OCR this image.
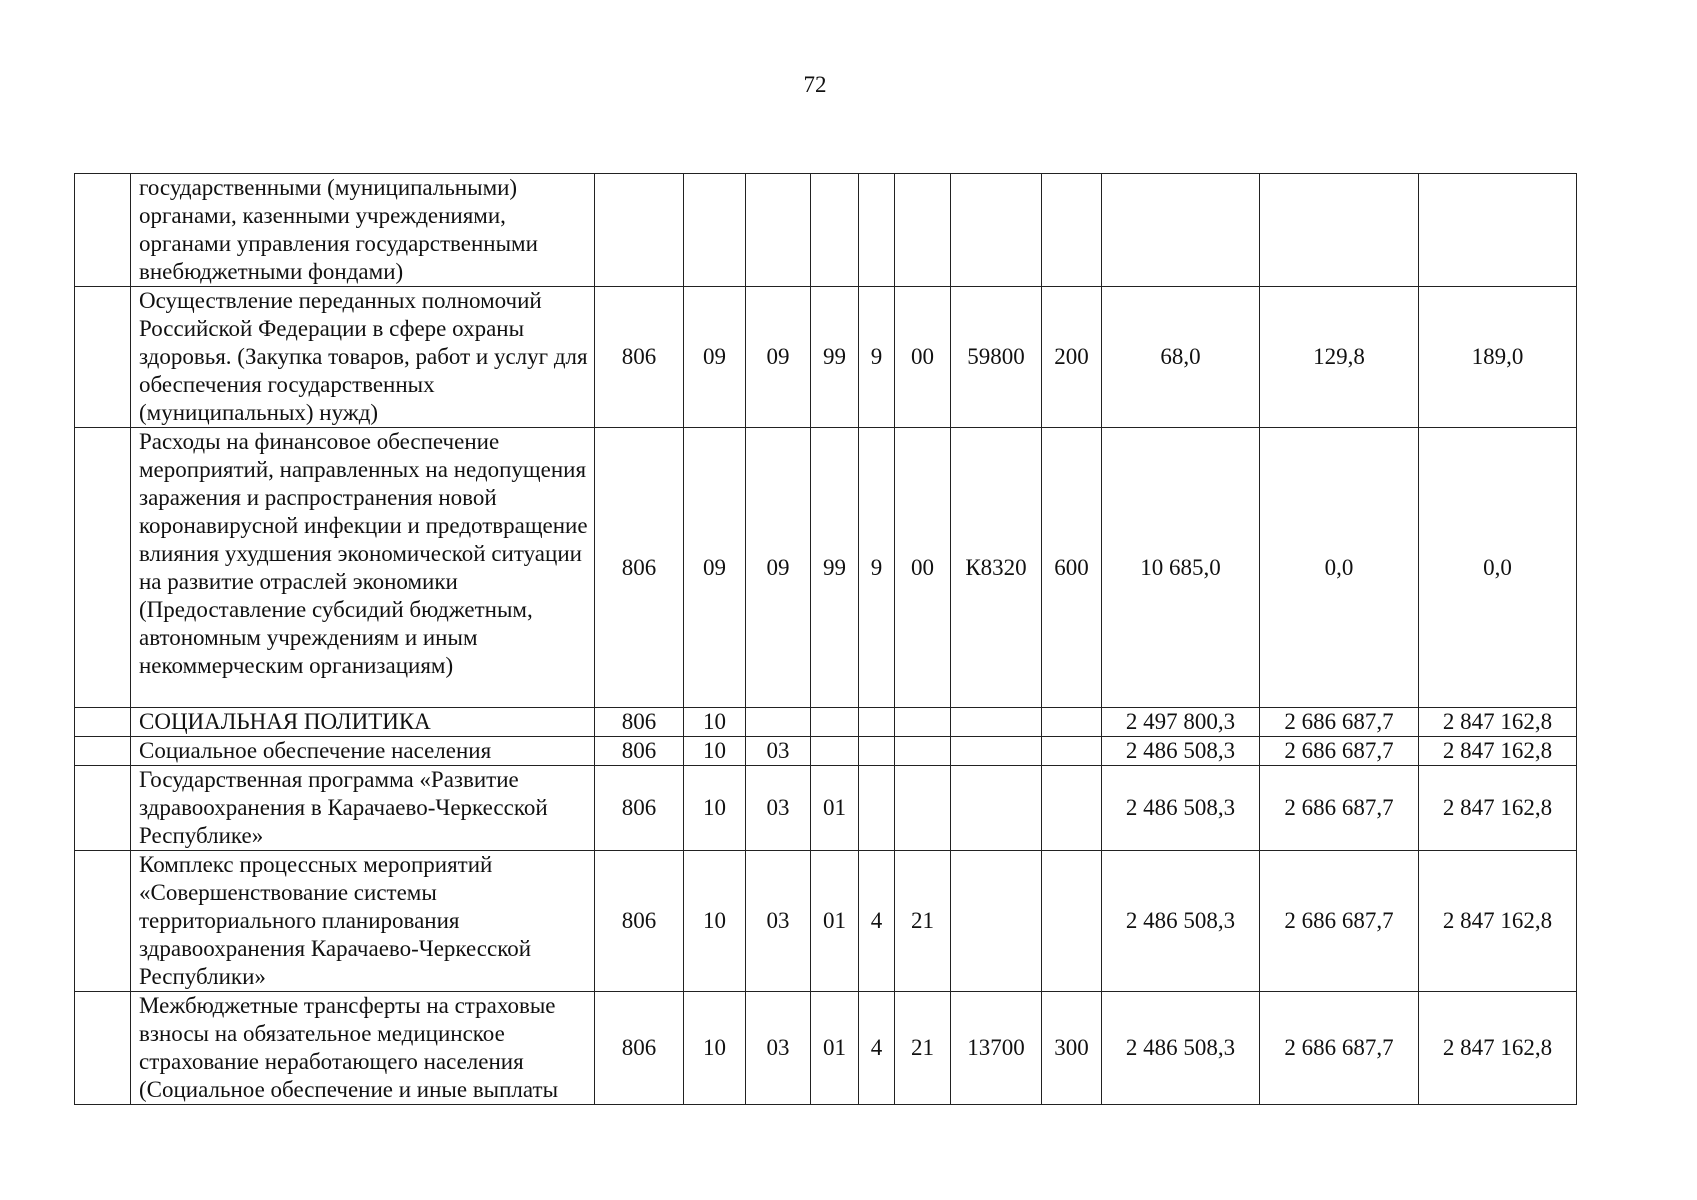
72
	государственными (муниципальными) органами, казенными учреждениями, органами управления государственными внебюджетными фондами)											
	Осуществление переданных полномочий Российской Федерации в сфере охраны здоровья. (Закупка товаров, работ и услуг для обеспечения государственных (муниципальных) нужд)	806	09	09	99	9	00	59800	200	68,0	129,8	189,0
	Расходы на финансовое обеспечение мероприятий, направленных на недопущения заражения и распространения новой коронавирусной инфекции и предотвращение влияния ухудшения экономической ситуации на развитие отраслей экономики (Предоставление субсидий бюджетным, автономным учреждениям и иным некоммерческим организациям)	806	09	09	99	9	00	К8320	600	10 685,0	0,0	0,0
	СОЦИАЛЬНАЯ ПОЛИТИКА	806	10							2 497 800,3	2 686 687,7	2 847 162,8
	Социальное обеспечение населения	806	10	03						2 486 508,3	2 686 687,7	2 847 162,8
	Государственная программа «Развитие здравоохранения в Карачаево-Черкесской Республике»	806	10	03	01					2 486 508,3	2 686 687,7	2 847 162,8
	Комплекс процессных мероприятий «Совершенствование системы территориального планирования здравоохранения Карачаево-Черкесской Республики»	806	10	03	01	4	21			2 486 508,3	2 686 687,7	2 847 162,8
	Межбюджетные трансферты на страховые взносы на обязательное медицинское страхование неработающего населения (Социальное обеспечение и иные выплаты	806	10	03	01	4	21	13700	300	2 486 508,3	2 686 687,7	2 847 162,8
